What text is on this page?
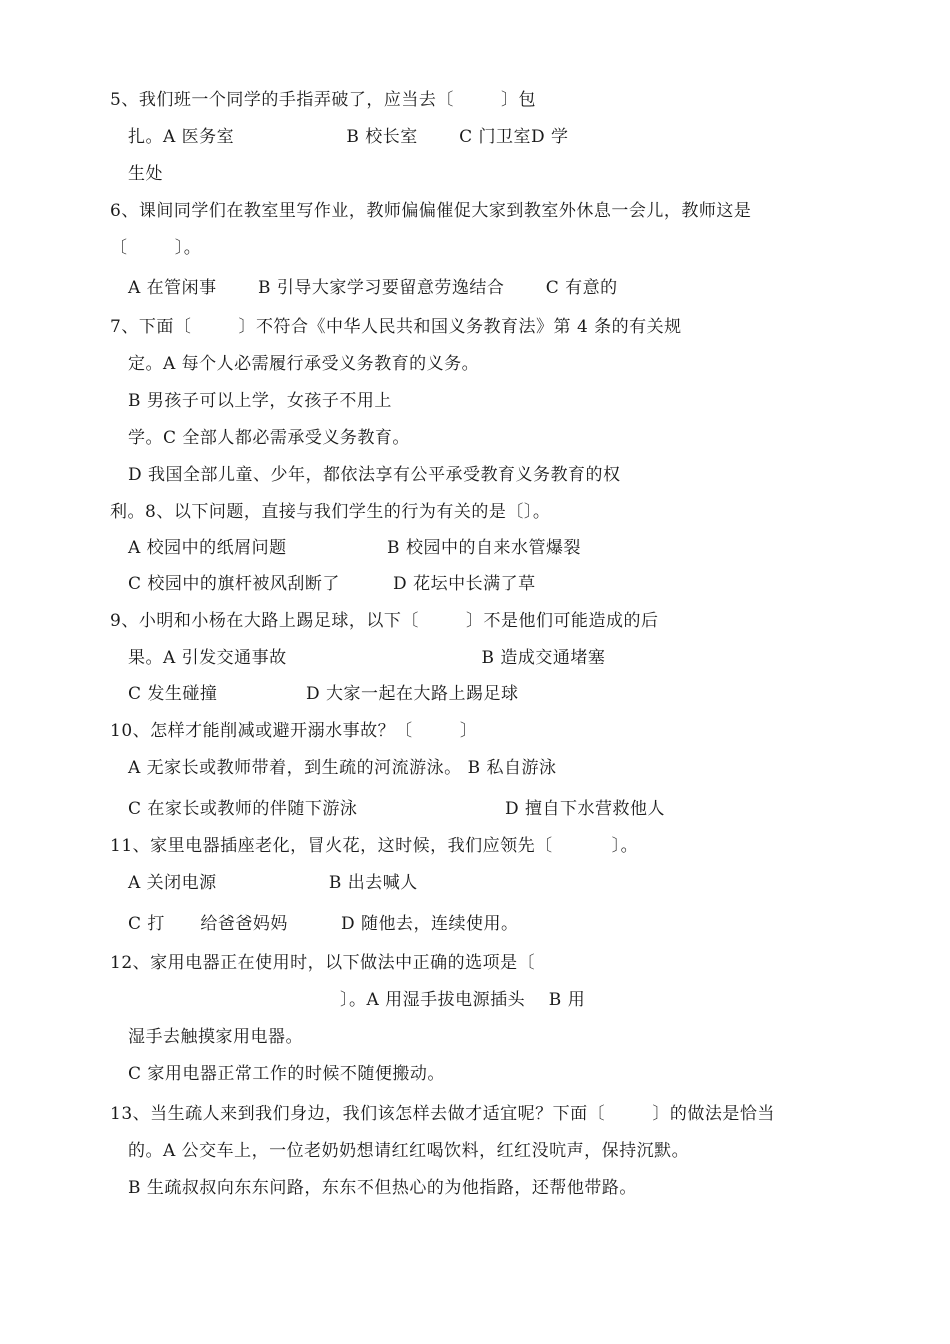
5、我们班一个同学的手指弄破了，应当去〔        〕包
扎。A 医务室                   B 校长室       C 门卫室D 学
生处
6、课间同学们在教室里写作业，教师偏偏催促大家到教室外休息一会儿，教师这是
〔        〕。
A 在管闲事       B 引导大家学习要留意劳逸结合       C 有意的
7、下面〔        〕不符合《中华人民共和国义务教育法》第 4 条的有关规
定。A 每个人必需履行承受义务教育的义务。
B 男孩子可以上学，女孩子不用上
学。C 全部人都必需承受义务教育。
D 我国全部儿童、少年，都依法享有公平承受教育义务教育的权
利。8、以下问题，直接与我们学生的行为有关的是〔〕。
A 校园中的纸屑问题                 B 校园中的自来水管爆裂
C 校园中的旗杆被风刮断了         D 花坛中长满了草
9、小明和小杨在大路上踢足球，以下〔        〕不是他们可能造成的后
果。A 引发交通事故                                 B 造成交通堵塞
C 发生碰撞               D 大家一起在大路上踢足球
10、怎样才能削减或避开溺水事故？〔        〕
A 无家长或教师带着，到生疏的河流游泳。 B 私自游泳
C 在家长或教师的伴随下游泳                         D 擅自下水营救他人
11、家里电器插座老化，冒火花，这时候，我们应领先〔          〕。
A 关闭电源                   B 出去喊人
C 打      给爸爸妈妈         D 随他去，连续使用。
12、家用电器正在使用时，以下做法中正确的选项是〔
〕。A 用湿手拔电源插头    B 用
湿手去触摸家用电器。
C 家用电器正常工作的时候不随便搬动。
13、当生疏人来到我们身边，我们该怎样去做才适宜呢？下面〔        〕的做法是恰当
的。A 公交车上，一位老奶奶想请红红喝饮料，红红没吭声，保持沉默。
B 生疏叔叔向东东问路，东东不但热心的为他指路，还帮他带路。
